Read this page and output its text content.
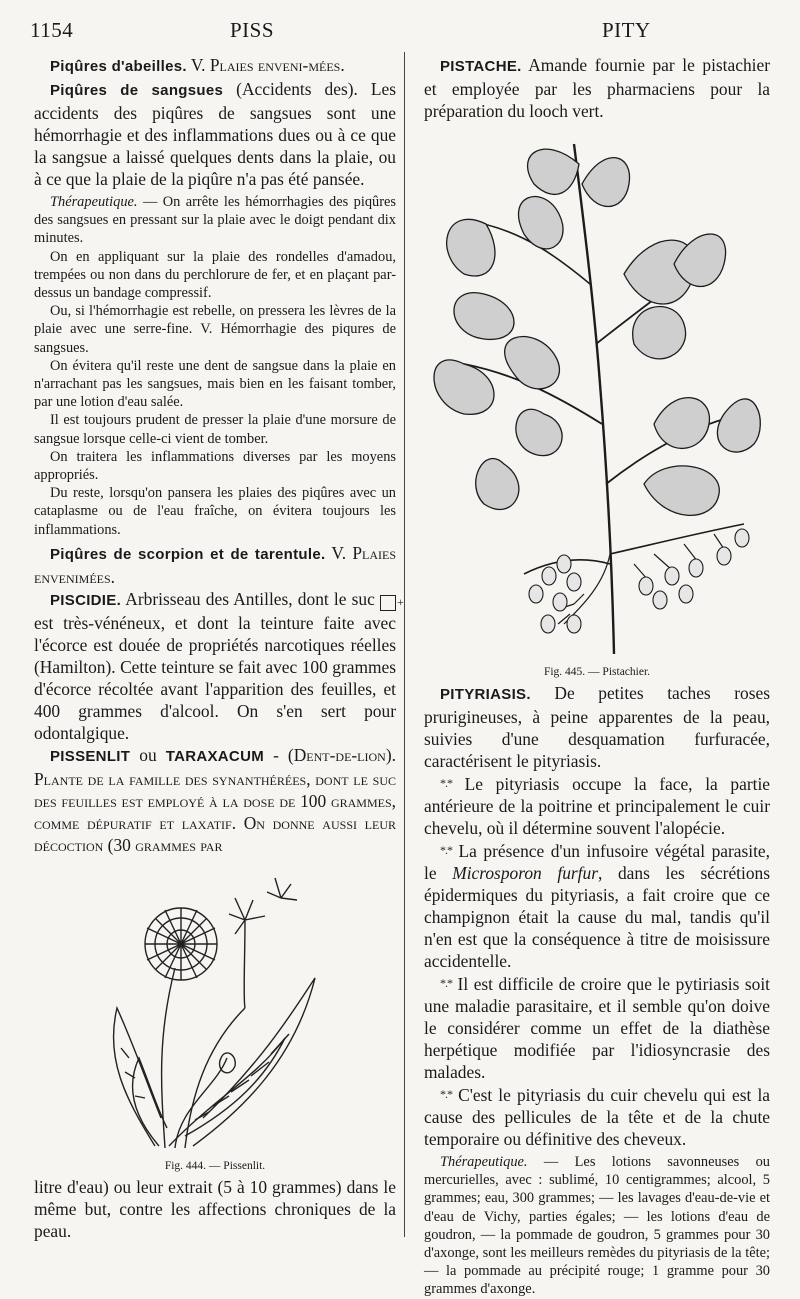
1154	PISS	PITY

Piqûres d'abeilles. V. Plaies enveni-mées.

Piqûres de sangsues (Accidents des). Les accidents des piqûres de sangsues sont une hémorrhagie et des inflammations dues ou à ce que la sangsue a laissé quelques dents dans la plaie, ou à ce que la plaie de la piqûre n'a pas été pansée.

Thérapeutique. — On arrête les hémorrhagies des piqûres des sangsues en pressant sur la plaie avec le doigt pendant dix minutes.

On en appliquant sur la plaie des rondelles d'amadou, trempées ou non dans du perchlorure de fer, et en plaçant par-dessus un bandage compressif.

Ou, si l'hémorrhagie est rebelle, on pressera les lèvres de la plaie avec une serre-fine. V. Hémorrhagie des piqures de sangsues.

On évitera qu'il reste une dent de sangsue dans la plaie en n'arrachant pas les sangsues, mais bien en les faisant tomber, par une lotion d'eau salée.

Il est toujours prudent de presser la plaie d'une morsure de sangsue lorsque celle-ci vient de tomber.

On traitera les inflammations diverses par les moyens appropriés.

Du reste, lorsqu'on pansera les plaies des piqûres avec un cataplasme ou de l'eau fraîche, on évitera toujours les inflammations.

Piqûres de scorpion et de tarentule. V. Plaies envenimées.

PISCIDIE. Arbrisseau des Antilles, dont le suc + est très-vénéneux, et dont la teinture faite avec l'écorce est douée de propriétés narcotiques réelles (Hamilton). Cette teinture se fait avec 100 grammes d'écorce récoltée avant l'apparition des feuilles, et 400 grammes d'alcool. On s'en sert pour odontalgique.

PISSENLIT ou TARAXACUM - (Dent-de-lion). Plante de la famille des synanthérées, dont le suc des feuilles est employé à la dose de 100 grammes, comme dépuratif et laxatif. On donne aussi leur décoction (30 grammes par

Fig. 444. — Pissenlit.

litre d'eau) ou leur extrait (5 à 10 grammes) dans le même but, contre les affections chroniques de la peau.

PISTACHE. Amande fournie par le pistachier et employée par les pharmaciens pour la préparation du looch vert.

Fig. 445. — Pistachier.

PITYRIASIS. De petites taches roses prurigineuses, à peine apparentes de la peau, suivies d'une desquamation furfuracée, caractérisent le pityriasis.

*.* Le pityriasis occupe la face, la partie antérieure de la poitrine et principalement le cuir chevelu, où il détermine souvent l'alopécie.

*.* La présence d'un infusoire végétal parasite, le Microsporon furfur, dans les sécrétions épidermiques du pityriasis, a fait croire que ce champignon était la cause du mal, tandis qu'il n'en est que la conséquence à titre de moisissure accidentelle.

*.* Il est difficile de croire que le pytiriasis soit une maladie parasitaire, et il semble qu'on doive le considérer comme un effet de la diathèse herpétique modifiée par l'idiosyncrasie des malades.

*.* C'est le pityriasis du cuir chevelu qui est la cause des pellicules de la tête et de la chute temporaire ou définitive des cheveux.

Thérapeutique. — Les lotions savonneuses ou mercurielles, avec : sublimé, 10 centigrammes; alcool, 5 grammes; eau, 300 grammes; — les lavages d'eau-de-vie et d'eau de Vichy, parties égales; — les lotions d'eau de goudron, — la pommade de goudron, 5 grammes pour 30 d'axonge, sont les meilleurs remèdes du pityriasis de la tête; — la pommade au précipité rouge; 1 gramme pour 30 grammes d'axonge.
